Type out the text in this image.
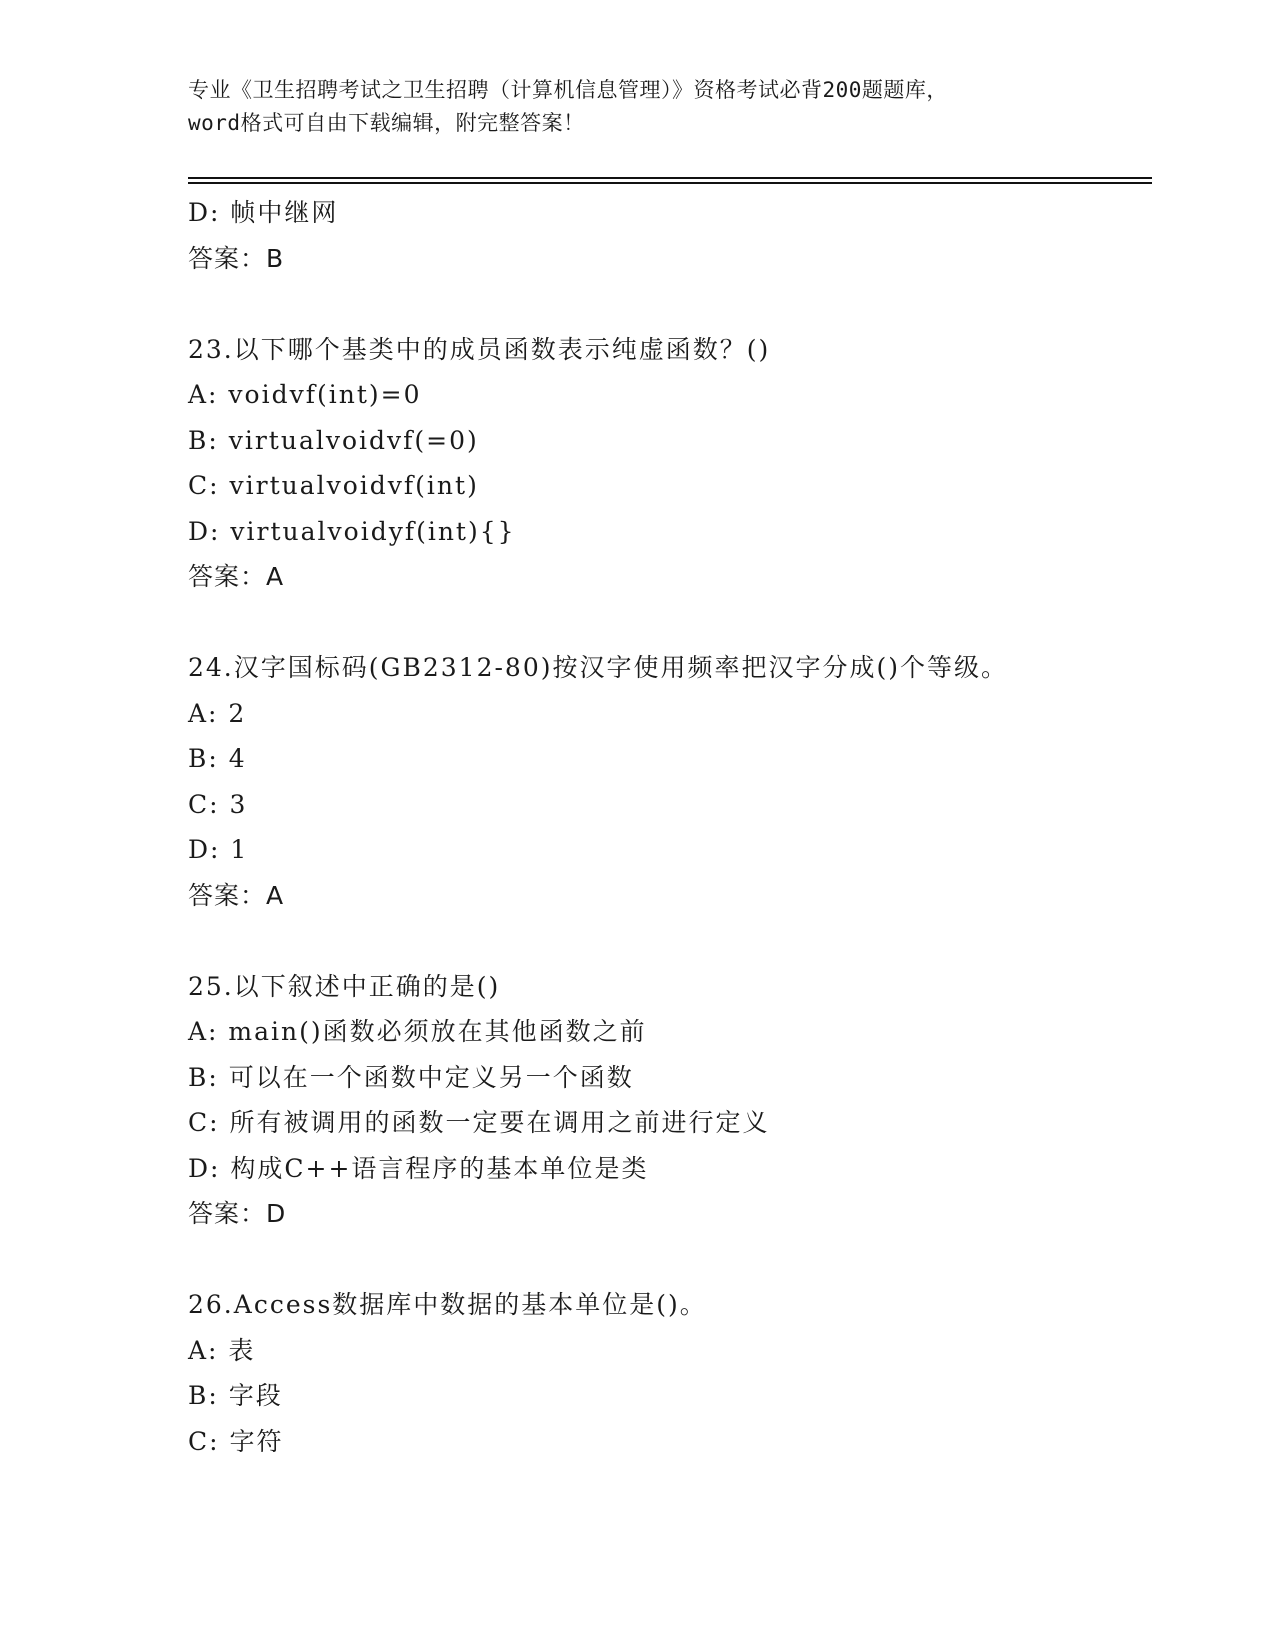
专业《卫生招聘考试之卫生招聘（计算机信息管理）》资格考试必背200题题库，
word格式可自由下载编辑，附完整答案！
D: 帧中继网
答案：B
23.以下哪个基类中的成员函数表示纯虚函数？()
A: voidvf(int)=0
B: virtualvoidvf(=0)
C: virtualvoidvf(int)
D: virtualvoidyf(int){}
答案：A
24.汉字国标码(GB2312-80)按汉字使用频率把汉字分成()个等级。
A: 2
B: 4
C: 3
D: 1
答案：A
25.以下叙述中正确的是()
A: main()函数必须放在其他函数之前
B: 可以在一个函数中定义另一个函数
C: 所有被调用的函数一定要在调用之前进行定义
D: 构成C++语言程序的基本单位是类
答案：D
26.Access数据库中数据的基本单位是()。
A: 表
B: 字段
C: 字符
